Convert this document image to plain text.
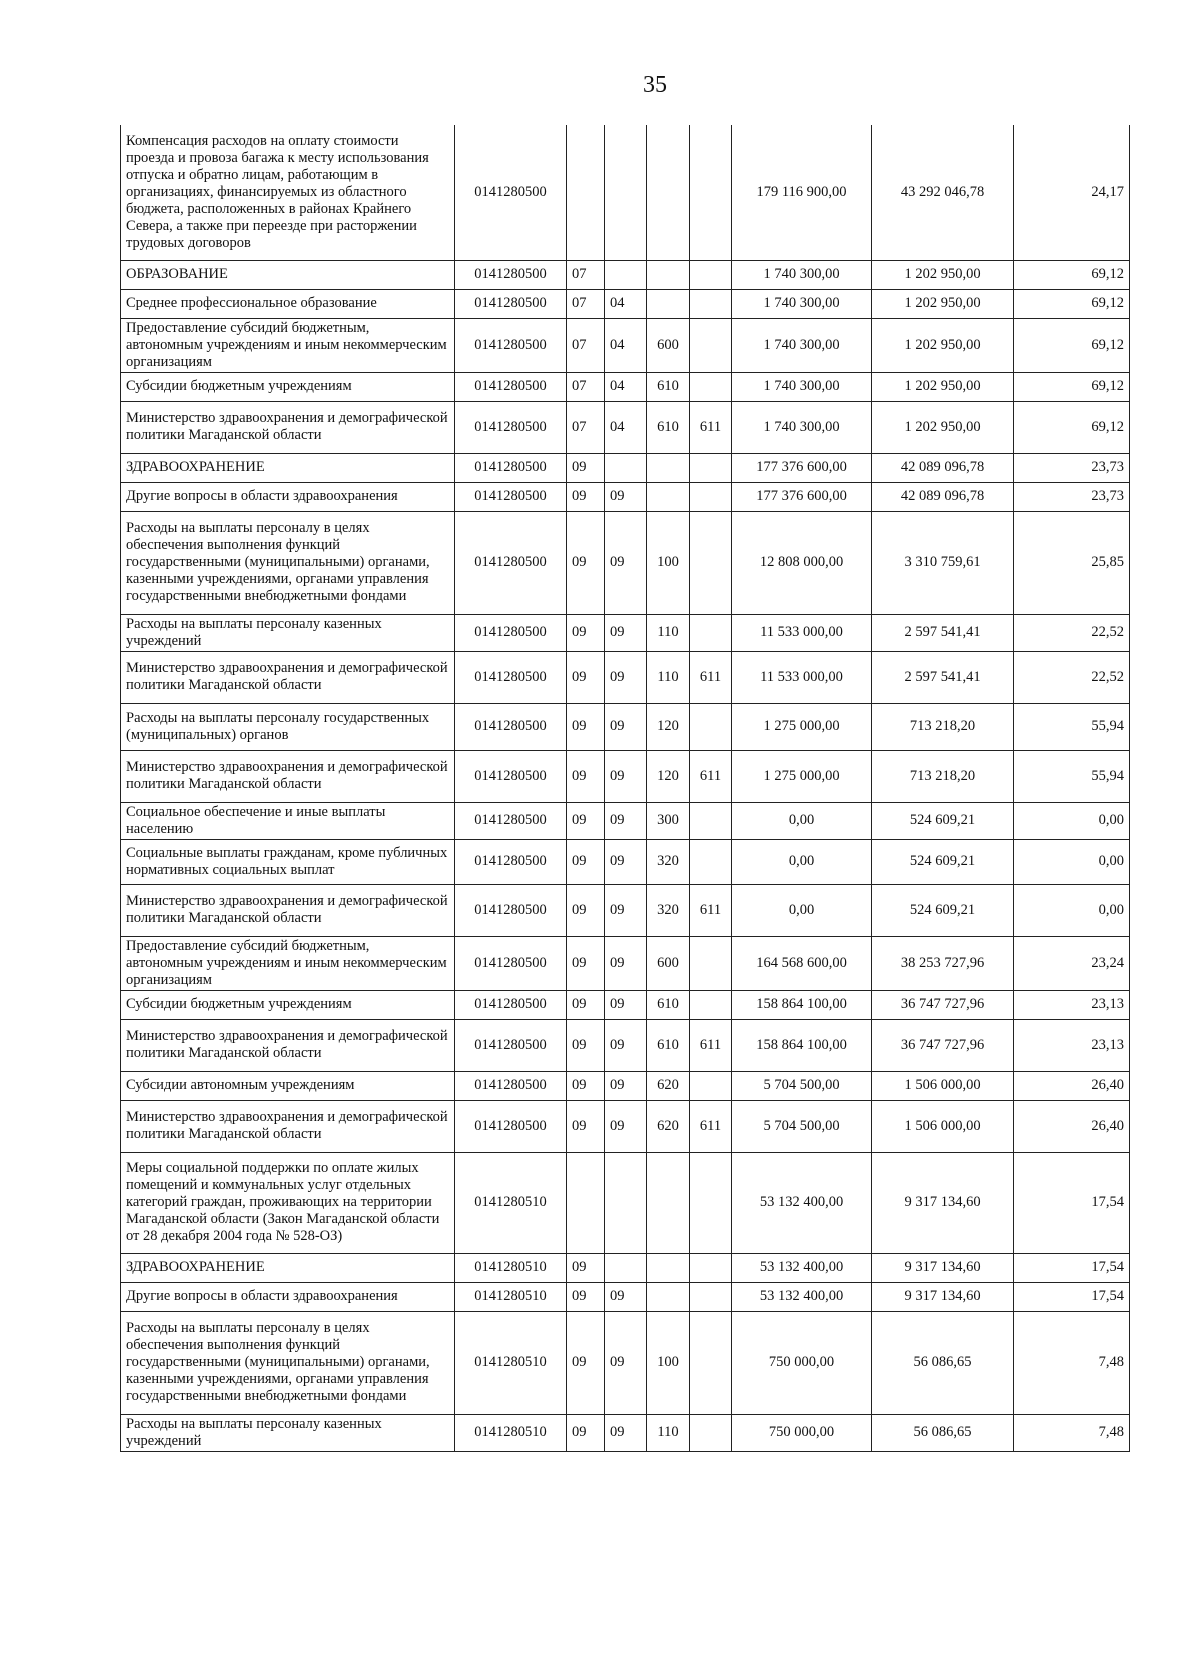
35
Компенсация расходов на оплату стоимости проезда и провоза багажа к месту использования отпуска и обратно лицам, работающим в организациях, финансируемых из областного бюджета, расположенных в районах Крайнего Севера, а также при переезде при расторжении трудовых договоров	0141280500					179 116 900,00	43 292 046,78	24,17
ОБРАЗОВАНИЕ	0141280500	07				1 740 300,00	1 202 950,00	69,12
Среднее профессиональное образование	0141280500	07	04			1 740 300,00	1 202 950,00	69,12
Предоставление субсидий бюджетным, автономным учреждениям и иным некоммерческим организациям	0141280500	07	04	600		1 740 300,00	1 202 950,00	69,12
Субсидии бюджетным учреждениям	0141280500	07	04	610		1 740 300,00	1 202 950,00	69,12
Министерство здравоохранения и демографической политики Магаданской области	0141280500	07	04	610	611	1 740 300,00	1 202 950,00	69,12
ЗДРАВООХРАНЕНИЕ	0141280500	09				177 376 600,00	42 089 096,78	23,73
Другие вопросы в области здравоохранения	0141280500	09	09			177 376 600,00	42 089 096,78	23,73
Расходы на выплаты персоналу в целях обеспечения выполнения функций государственными (муниципальными) органами, казенными учреждениями, органами управления государственными внебюджетными фондами	0141280500	09	09	100		12 808 000,00	3 310 759,61	25,85
Расходы на выплаты персоналу казенных учреждений	0141280500	09	09	110		11 533 000,00	2 597 541,41	22,52
Министерство здравоохранения и демографической политики Магаданской области	0141280500	09	09	110	611	11 533 000,00	2 597 541,41	22,52
Расходы на выплаты персоналу государственных (муниципальных) органов	0141280500	09	09	120		1 275 000,00	713 218,20	55,94
Министерство здравоохранения и демографической политики Магаданской области	0141280500	09	09	120	611	1 275 000,00	713 218,20	55,94
Социальное обеспечение и иные выплаты населению	0141280500	09	09	300		0,00	524 609,21	0,00
Социальные выплаты гражданам, кроме публичных нормативных социальных выплат	0141280500	09	09	320		0,00	524 609,21	0,00
Министерство здравоохранения и демографической политики Магаданской области	0141280500	09	09	320	611	0,00	524 609,21	0,00
Предоставление субсидий бюджетным, автономным учреждениям и иным некоммерческим организациям	0141280500	09	09	600		164 568 600,00	38 253 727,96	23,24
Субсидии бюджетным учреждениям	0141280500	09	09	610		158 864 100,00	36 747 727,96	23,13
Министерство здравоохранения и демографической политики Магаданской области	0141280500	09	09	610	611	158 864 100,00	36 747 727,96	23,13
Субсидии автономным учреждениям	0141280500	09	09	620		5 704 500,00	1 506 000,00	26,40
Министерство здравоохранения и демографической политики Магаданской области	0141280500	09	09	620	611	5 704 500,00	1 506 000,00	26,40
Меры социальной поддержки по оплате жилых помещений и коммунальных услуг отдельных категорий граждан, проживающих на территории Магаданской области (Закон Магаданской области от 28 декабря 2004 года № 528-ОЗ)	0141280510					53 132 400,00	9 317 134,60	17,54
ЗДРАВООХРАНЕНИЕ	0141280510	09				53 132 400,00	9 317 134,60	17,54
Другие вопросы в области здравоохранения	0141280510	09	09			53 132 400,00	9 317 134,60	17,54
Расходы на выплаты персоналу в целях обеспечения выполнения функций государственными (муниципальными) органами, казенными учреждениями, органами управления государственными внебюджетными фондами	0141280510	09	09	100		750 000,00	56 086,65	7,48
Расходы на выплаты персоналу казенных учреждений	0141280510	09	09	110		750 000,00	56 086,65	7,48
